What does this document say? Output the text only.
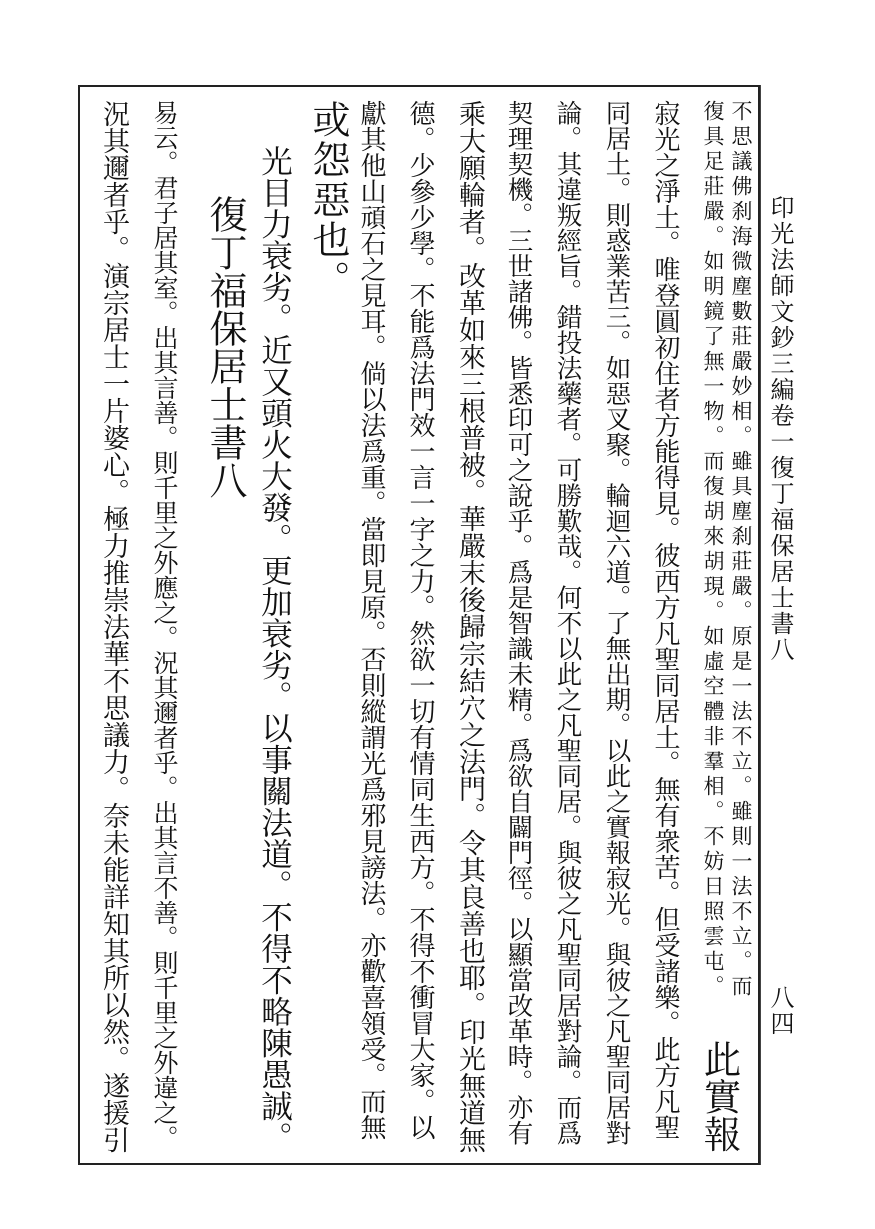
印光法師文鈔三編卷一
復丁福保居士書八
八四
不思議佛刹海微塵數莊嚴妙相。雖具塵刹莊嚴。原是一法不立。雖則一法不立。而
復具足莊嚴。如明鏡了無一物。而復胡來胡現。如虛空體非羣相。不妨日照雲屯。
此實報
寂光之淨土。唯登圓初住者方能得見。彼西方凡聖同居土。無有衆苦。但受諸樂。此方凡聖
同居土。則惑業苦三。如惡叉聚。輪迴六道。了無出期。以此之實報寂光。與彼之凡聖同居對
論。其違叛經旨。錯投法藥者。可勝歎哉。何不以此之凡聖同居。與彼之凡聖同居對論。而爲
契理契機。三世諸佛。皆悉印可之說乎。爲是智識未精。爲欲自闢門徑。以顯當改革時。亦有
乘大願輪者。改革如來三根普被。華嚴末後歸宗結穴之法門。令其良善也耶。印光無道無
德。少參少學。不能爲法門效一言一字之力。然欲一切有情同生西方。不得不衝冒大家。以
獻其他山頑石之見耳。倘以法爲重。當即見原。否則縱謂光爲邪見謗法。亦歡喜領受。而無
或怨惡也。
光目力衰劣。近又頭火大發。更加衰劣。以事關法道。不得不略陳愚誠。
復丁福保居士書八
易云。君子居其室。出其言善。則千里之外應之。況其邇者乎。出其言不善。則千里之外違之。
況其邇者乎。演宗居士一片婆心。極力推崇法華不思議力。奈未能詳知其所以然。遂援引
